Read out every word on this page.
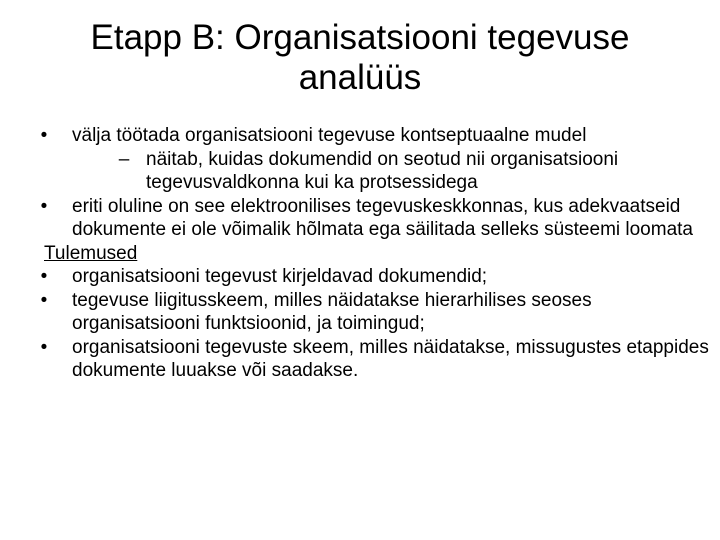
Etapp B: Organisatsiooni tegevuse
analüüs
•	välja töötada organisatsiooni tegevuse kontseptuaalne mudel
– näitab, kuidas dokumendid on seotud nii organisatsiooni tegevusvaldkonna kui ka protsessidega
•	eriti oluline on see elektroonilises tegevuskeskkonnas, kus adekvaatseid dokumente ei ole võimalik hõlmata ega säilitada selleks süsteemi loomata
Tulemused
•	organisatsiooni tegevust kirjeldavad dokumendid;
•	tegevuse liigitusskeem, milles näidatakse hierarhilises seoses organisatsiooni funktsioonid, ja toimingud;
•	organisatsiooni tegevuste skeem, milles näidatakse, missugustes etappides dokumente luuakse või saadakse.
